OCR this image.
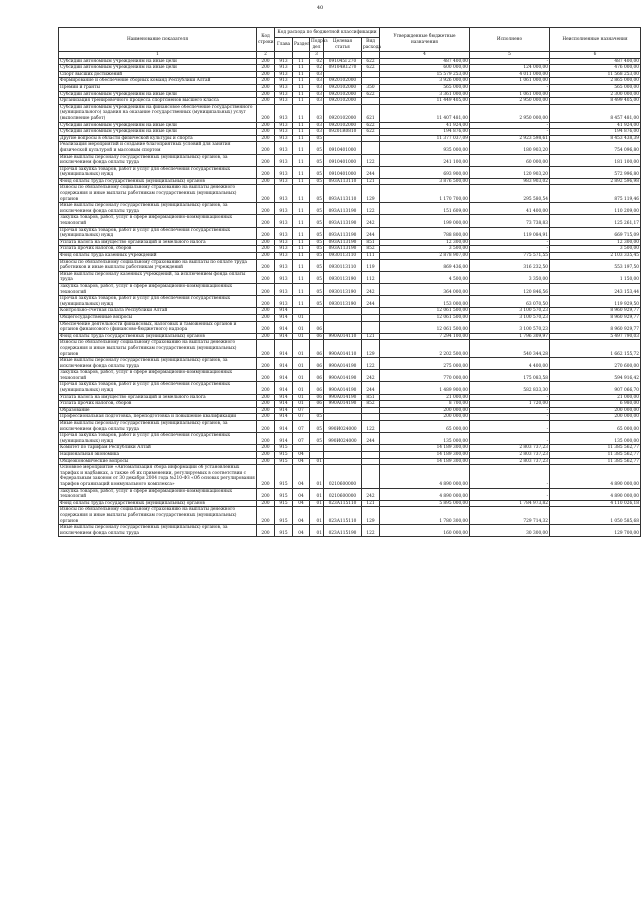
40
Наименование показателя	Код строки	Код расхода по бюджетной классификации					Утвержденные бюджетные назначения	Исполнено	Неисполненные назначения
		Глава	Раздел	Подраз дел	Целевая статья	Вид расхода			
1	2			3			4	5	6
Субсидии автономным учреждениям на иные цели	200	913	11	02	091045Г270	622	487 400,00	-	487 400,00
Субсидии автономным учреждениям на иные цели	200	913	11	02	09104R1270	622	600 000,00	124 000,00	476 000,00
Спорт высших достижений	200	913	11	03			15 579 253,00	4 011 000,00	11 568 253,00
Формирование и обеспечение сборных команд Республики Алтай	200	913	11	03	0920102000		3 926 000,00	1 061 000,00	2 865 000,00
Премии и гранты	200	913	11	03	0920102000	350	565 000,00	-	565 000,00
Субсидии автономным учреждениям на иные цели	200	913	11	03	0920102000	622	3 361 000,00	1 061 000,00	2 300 000,00
Организация тренировочного процесса спортсменов высшего класса	200	913	11	03	0920102000		11 449 405,00	2 950 000,00	8 499 405,00
Субсидии автономным учреждениям на финансовое обеспечение государственного (муниципального) задания на оказание государственных (муниципальных) услуг (выполнение работ)	200	913	11	03	0920102000	621	11 407 481,00	2 950 000,00	8 457 481,00
Субсидии автономным учреждениям на иные цели	200	913	11	03	0920102000	622	41 924,00	-	41 924,00
Субсидии автономным учреждениям на иные цели	200	913	11	03	09201R0810	622	194 876,00	-	194 876,00
Другие вопросы в области физической культуры и спорта	200	913	11	05			11 377 037,09	2 923 598,61	8 453 438,39
Реализация мероприятий и создание благоприятных условий для занятия физической культурой и массовым спортом	200	913	11	05	0910401000		935 000,00	180 903,20	754 096,80
Иные выплаты персоналу государственных (муниципальных) органов, за исключением фонда оплаты труда	200	913	11	05	0910401000	122	241 100,00	60 000,00	181 100,00
Прочая закупка товаров, работ и услуг для обеспечения государственных (муниципальных) нужд	200	913	11	05	0910401000	244	693 900,00	120 903,20	572 996,80
Фонд оплаты труда государственных (муниципальных) органов	200	913	11	05	093А113110	121	3 876 500,00	983 903,02	2 892 596,98
Взносы по обязательному социальному страхованию на выплаты денежного содержания и иные выплаты работникам государственных (муниципальных) органов	200	913	11	05	093А113110	129	1 170 700,00	295 580,54	875 119,46
Иные выплаты персоналу государственных (муниципальных) органов, за исключением фонда оплаты труда	200	913	11	05	093А113190	122	151 609,00	41 400,00	110 209,00
Закупка товаров, работ, услуг в сфере информационно-коммуникационных технологий	200	913	11	05	093А113190	242	199 000,00	73 738,83	125 261,17
Прочая закупка товаров, работ и услуг для обеспечения государственных (муниципальных) нужд	200	913	11	05	093А113190	244	788 800,00	119 084,91	669 715,09
Уплата налога на имущество организаций и земельного налога	200	913	11	05	093А113190	851	12 300,00	-	12 300,00
Уплата прочих налогов, сборов	200	913	11	05	093А113190	852	3 500,00	-	3 500,00
Фонд оплаты труда казенных учреждений	200	913	11	05	0930113110	111	2 878 907,00	775 571,55	2 103 335,45
Взносы по обязательному социальному страхованию на выплаты по оплате труда работников и иные выплаты работникам учреждений	200	913	11	05	0930113110	119	869 436,00	316 232,50	553 197,50
Иные выплаты персоналу казенных учреждений, за исключением фонда оплаты труда	200	913	11	05	0930113190	112	4 500,00	3 350,00	1 150,00
Закупка товаров, работ, услуг в сфере информационно-коммуникационных технологий	200	913	11	05	0930113190	242	364 000,00	120 846,56	243 153,44
Прочая закупка товаров, работ и услуг для обеспечения государственных (муниципальных) нужд	200	913	11	05	0930113190	244	153 000,00	63 070,50	119 929,50
Контрольно-счетная палата Республики Алтай	200	914					12 061 500,00	3 100 570,23	8 960 929,77
Общегосударственные вопросы	200	914	01				12 061 500,00	3 100 570,23	8 960 929,77
Обеспечение деятельности финансовых, налоговых и таможенных органов и органов финансового (финансово-бюджетного) надзора	200	914	01	06			12 061 500,00	3 100 570,23	8 960 929,77
Фонд оплаты труда государственных (муниципальных) органов	200	914	01	06	990А014110	121	7 294 100,00	1 796 309,97	5 497 790,03
Взносы по обязательному социальному страхованию на выплаты денежного содержания и иные выплаты работникам государственных (муниципальных) органов	200	914	01	06	990А014110	129	2 202 500,00	540 344,28	1 662 155,72
Иные выплаты персоналу государственных (муниципальных) органов, за исключением фонда оплаты труда	200	914	01	06	990А014190	122	275 000,00	4 400,00	270 600,00
Закупка товаров, работ, услуг в сфере информационно-коммуникационных технологий	200	914	01	06	990А014190	242	770 000,00	175 083,58	594 916,42
Прочая закупка товаров, работ и услуг для обеспечения государственных (муниципальных) нужд	200	914	01	06	990А014190	244	1 489 900,00	582 833,30	907 066,70
Уплата налога на имущество организаций и земельного налога	200	914	01	06	990А014190	851	21 000,00	-	21 000,00
Уплата прочих налогов, сборов	200	914	01	06	990А014190	852	8 700,00	1 720,00	6 980,00
Образование	200	914	07				200 000,00	-	200 000,00
Профессиональная подготовка, переподготовка и повышение квалификации	200	914	07	05			200 000,00	-	200 000,00
Иные выплаты персоналу государственных (муниципальных) органов, за исключением фонда оплаты труда	200	914	07	05	990И024000	122	65 000,00	-	65 000,00
Прочая закупка товаров, работ и услуг для обеспечения государственных (муниципальных) нужд	200	914	07	05	990И024000	244	135 000,00	-	135 000,00
Комитет по тарифам Республики Алтай	200	915					14 189 300,00	2 803 737,23	11 385 562,77
Национальная экономика	200	915	04				14 189 300,00	2 803 737,23	11 385 562,77
Общеэкономические вопросы	200	915	04	01			14 189 300,00	2 803 737,23	11 385 562,77
Основное мероприятие «Автоматизация сбора информации об установленных тарифах и надбавках, а также об их применении, регулируемых в соответствии с Федеральным законом от 30 декабря 2004 года №210-ФЗ «Об основах регулирования тарифов организаций коммунального комплекса»	200	915	04	01	0210600000		4 890 000,00	-	4 890 000,00
Закупка товаров, работ, услуг в сфере информационно-коммуникационных технологий	200	915	04	01	0210600000	242	4 890 000,00	-	4 890 000,00
Фонд оплаты труда государственных (муниципальных) органов	200	915	04	01	023А115110	121	5 895 000,00	1 784 973,82	4 110 026,18
Взносы по обязательному социальному страхованию на выплаты денежного содержания и иные выплаты работникам государственных (муниципальных) органов	200	915	04	01	023А115110	129	1 780 300,00	729 714,32	1 050 585,68
Иные выплаты персоналу государственных (муниципальных) органов, за исключением фонда оплаты труда	200	915	04	01	023А115190	122	160 000,00	30 300,00	129 700,00
